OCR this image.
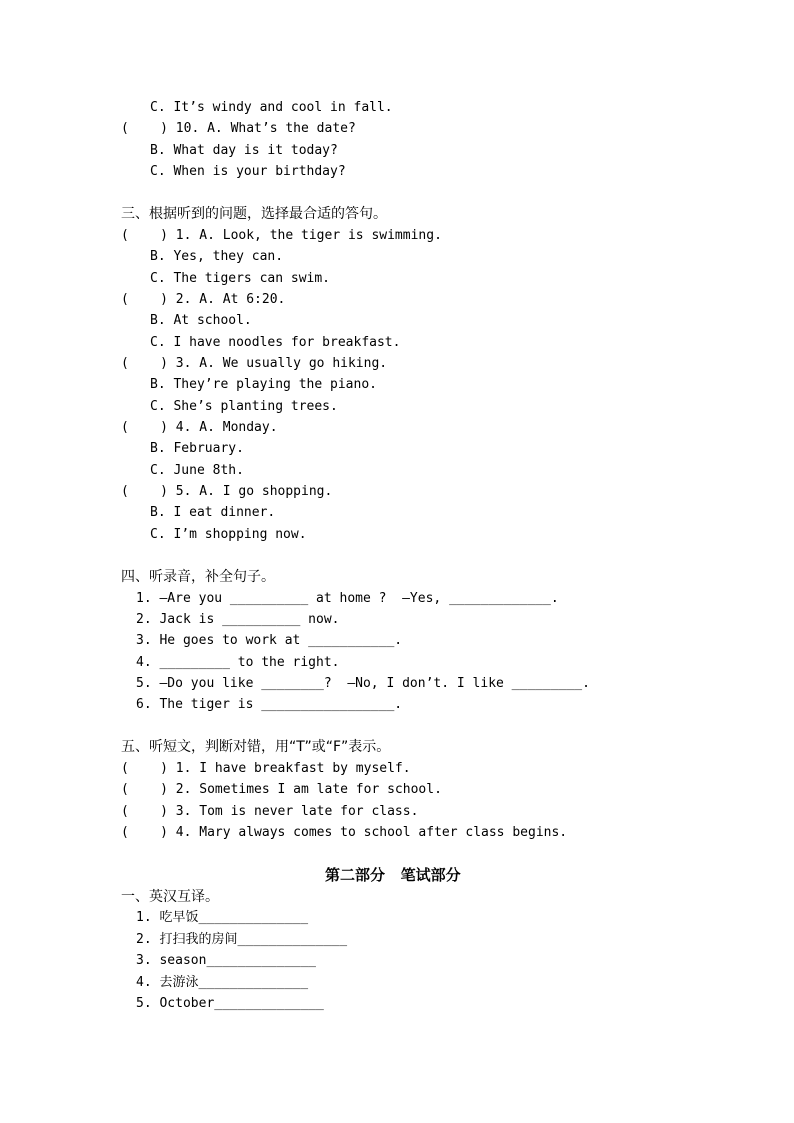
C. It’s windy and cool in fall.
(    ) 10. A. What’s the date?
B. What day is it today?
C. When is your birthday?
三、根据听到的问题，选择最合适的答句。
(    ) 1. A. Look, the tiger is swimming.
B. Yes, they can.
C. The tigers can swim.
(    ) 2. A. At 6:20.
B. At school.
C. I have noodles for breakfast.
(    ) 3. A. We usually go hiking.
B. They’re playing the piano.
C. She’s planting trees.
(    ) 4. A. Monday.
B. February.
C. June 8th.
(    ) 5. A. I go shopping.
B. I eat dinner.
C. I’m shopping now.
四、听录音，补全句子。
1. —Are you __________ at home ?  —Yes, _____________.
2. Jack is __________ now.
3. He goes to work at ___________.
4. _________ to the right.
5. —Do you like ________?  —No, I don’t. I like _________.
6. The tiger is _________________.
五、听短文，判断对错，用“T”或“F”表示。
(    ) 1. I have breakfast by myself.
(    ) 2. Sometimes I am late for school.
(    ) 3. Tom is never late for class.
(    ) 4. Mary always comes to school after class begins.
第二部分   笔试部分
一、英汉互译。
1. 吃早饭______________
2. 打扫我的房间______________
3. season______________
4. 去游泳______________
5. October______________
